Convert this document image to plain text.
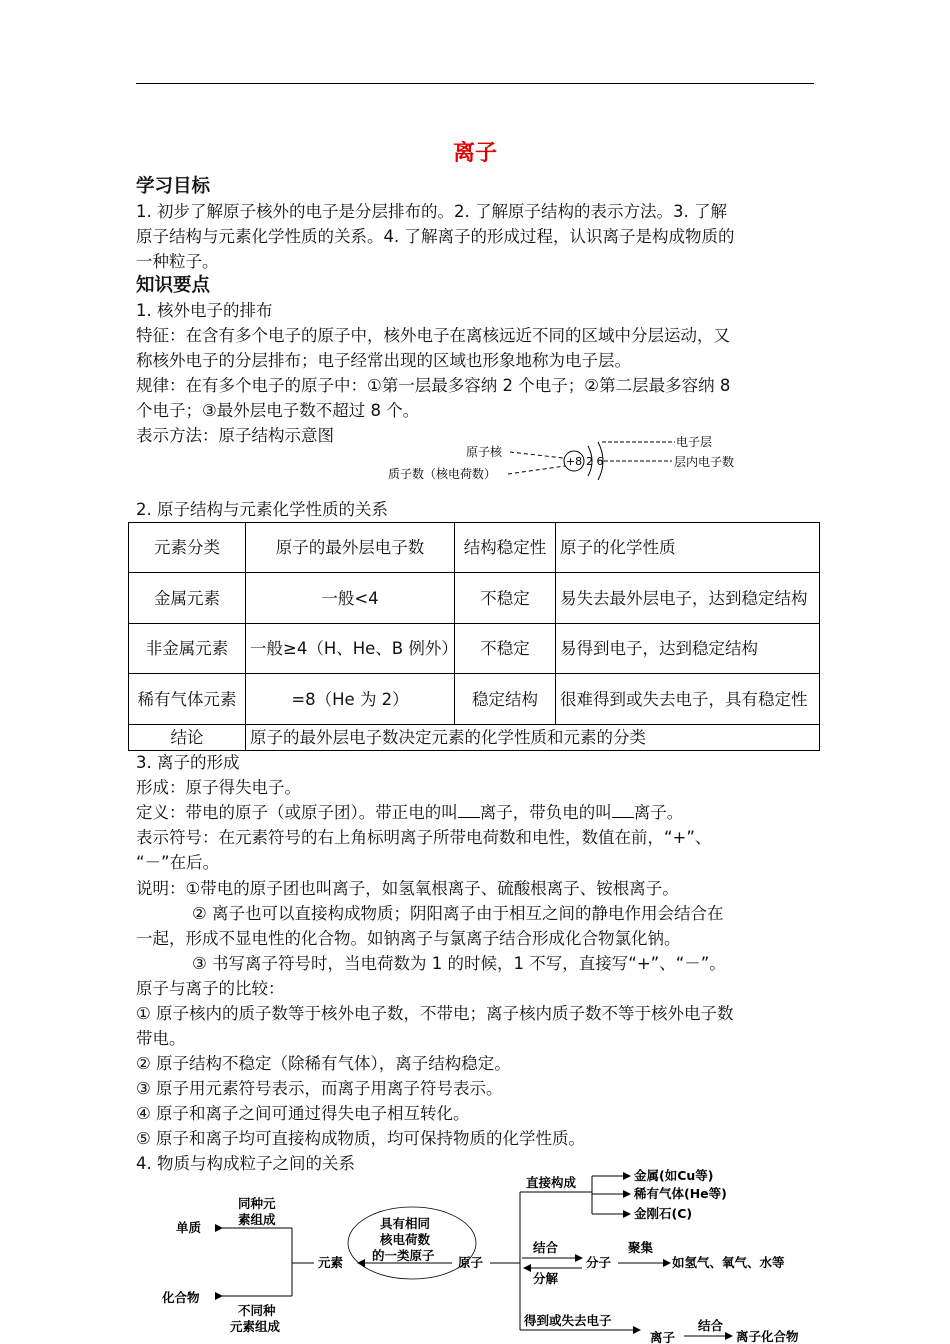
离子
学习目标
1. 初步了解原子核外的电子是分层排布的。2. 了解原子结构的表示方法。3. 了解
原子结构与元素化学性质的关系。4. 了解离子的形成过程，认识离子是构成物质的
一种粒子。
知识要点
1. 核外电子的排布
特征：在含有多个电子的原子中，核外电子在离核远近不同的区域中分层运动，又
称核外电子的分层排布；电子经常出现的区域也形象地称为电子层。
规律：在有多个电子的原子中：①第一层最多容纳 2 个电子；②第二层最多容纳 8
个电子；③最外层电子数不超过 8 个。
表示方法：原子结构示意图
原子核
质子数（核电荷数）
+8 2 6
电子层
层内电子数
2. 原子结构与元素化学性质的关系
元素分类	原子的最外层电子数	结构稳定性	原子的化学性质
金属元素	一般<4	不稳定	易失去最外层电子，达到稳定结构
非金属元素	一般≥4（H、He、B 例外）	不稳定	易得到电子，达到稳定结构
稀有气体元素	=8（He 为 2）	稳定结构	很难得到或失去电子，具有稳定性
结论	原子的最外层电子数决定元素的化学性质和元素的分类		
3. 离子的形成
形成：原子得失电子。
定义：带电的原子（或原子团）。带正电的叫 离子，带负电的叫 离子。
表示符号：在元素符号的右上角标明离子所带电荷数和电性，数值在前，“+”、
“－”在后。
说明：①带电的原子团也叫离子，如氢氧根离子、硫酸根离子、铵根离子。
② 离子也可以直接构成物质；阴阳离子由于相互之间的静电作用会结合在
一起，形成不显电性的化合物。如钠离子与氯离子结合形成化合物氯化钠。
③ 书写离子符号时，当电荷数为 1 的时候，1 不写，直接写“+”、“－”。
原子与离子的比较：
① 原子核内的质子数等于核外电子数，不带电；离子核内质子数不等于核外电子数
带电。
② 原子结构不稳定（除稀有气体），离子结构稳定。
③ 原子用元素符号表示，而离子用离子符号表示。
④ 原子和离子之间可通过得失电子相互转化。
⑤ 原子和离子均可直接构成物质，均可保持物质的化学性质。
4. 物质与构成粒子之间的关系
单质
同种元
素组成
化合物
不同种
元素组成
元素
具有相同
核电荷数
的一类原子 原子
直接构成	金属(如Cu等)
稀有气体(He等)
金刚石(C)
结合
分解
分子
聚集
如氢气、氧气、水等
得到或失去电子
离子
结合
离子化合物
